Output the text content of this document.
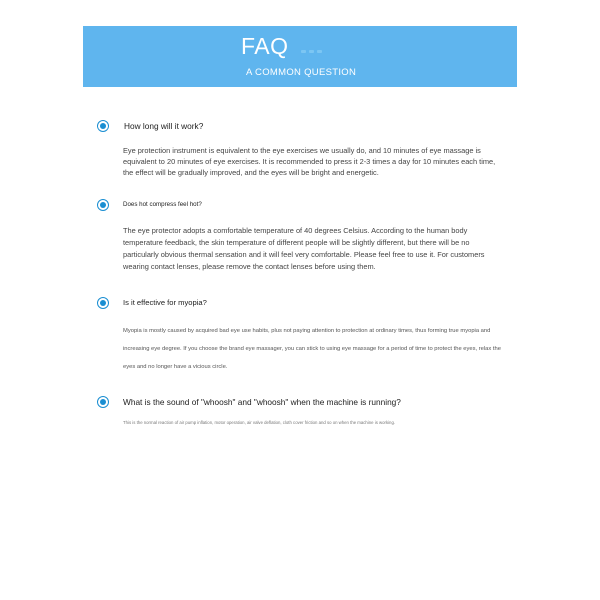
FAQ
A COMMON QUESTION
How long will it work?
Eye protection instrument is equivalent to the eye exercises we usually do, and 10 minutes of eye massage is equivalent to 20 minutes of eye exercises. It is recommended to press it 2-3 times a day for 10 minutes each time, the effect will be gradually improved, and the eyes will be bright and energetic.
Does hot compress feel hot?
The eye protector adopts a comfortable temperature of 40 degrees Celsius. According to the human body temperature feedback, the skin temperature of different people will be slightly different, but there will be no particularly obvious thermal sensation and it will feel very comfortable. Please feel free to use it. For customers wearing contact lenses, please remove the contact lenses before using them.
Is it effective for myopia?
Myopia is mostly caused by acquired bad eye use habits, plus not paying attention to protection at ordinary times, thus forming true myopia and increasing eye degree. If you choose the brand eye massager, you can stick to using eye massage for a period of time to protect the eyes, relax the eyes and no longer have a vicious circle.
What is the sound of "whoosh" and "whoosh" when the machine is running?
This is the normal reaction of air pump inflation, motor operation, air valve deflation, cloth cover friction and so on when the machine is working.
